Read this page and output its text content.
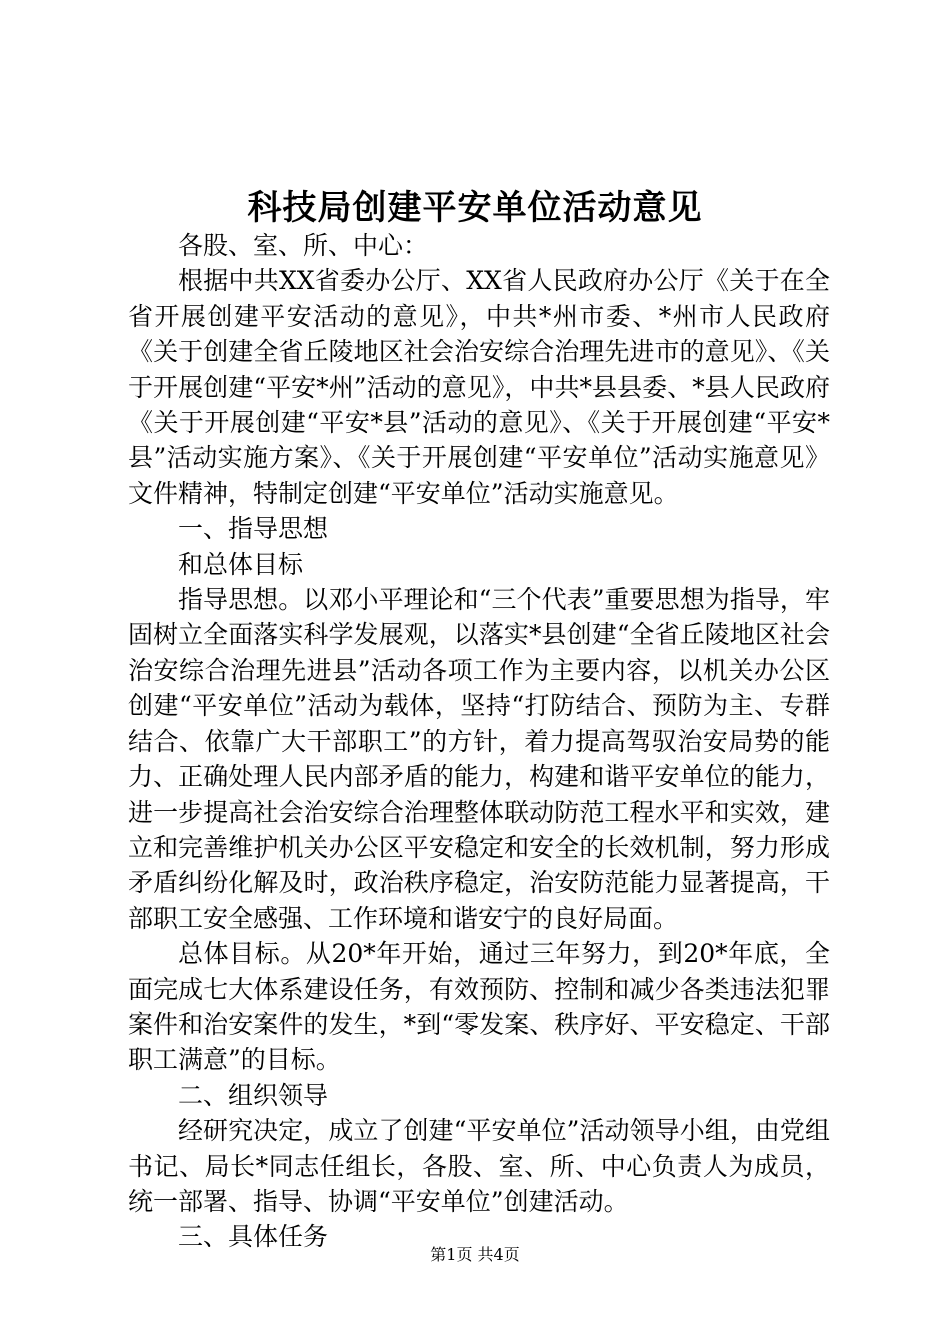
科技局创建平安单位活动意见

各股、室、所、中心：

根据中共XX省委办公厅、XX省人民政府办公厅《关于在全省开展创建平安活动的意见》，中共*州市委、*州市人民政府《关于创建全省丘陵地区社会治安综合治理先进市的意见》、《关于开展创建“平安*州”活动的意见》，中共*县县委、*县人民政府《关于开展创建“平安*县”活动的意见》、《关于开展创建“平安*县”活动实施方案》、《关于开展创建“平安单位”活动实施意见》文件精神，特制定创建“平安单位”活动实施意见。

一、指导思想

和总体目标

指导思想。以邓小平理论和“三个代表”重要思想为指导，牢固树立全面落实科学发展观，以落实*县创建“全省丘陵地区社会治安综合治理先进县”活动各项工作为主要内容，以机关办公区创建“平安单位”活动为载体，坚持“打防结合、预防为主、专群结合、依靠广大干部职工”的方针，着力提高驾驭治安局势的能力、正确处理人民内部矛盾的能力，构建和谐平安单位的能力，进一步提高社会治安综合治理整体联动防范工程水平和实效，建立和完善维护机关办公区平安稳定和安全的长效机制，努力形成矛盾纠纷化解及时，政治秩序稳定，治安防范能力显著提高，干部职工安全感强、工作环境和谐安宁的良好局面。

总体目标。从20*年开始，通过三年努力，到20*年底，全面完成七大体系建设任务，有效预防、控制和减少各类违法犯罪案件和治安案件的发生，*到“零发案、秩序好、平安稳定、干部职工满意”的目标。

二、组织领导

经研究决定，成立了创建“平安单位”活动领导小组，由党组书记、局长*同志任组长，各股、室、所、中心负责人为成员，统一部署、指导、协调“平安单位”创建活动。

三、具体任务

第1页 共4页
